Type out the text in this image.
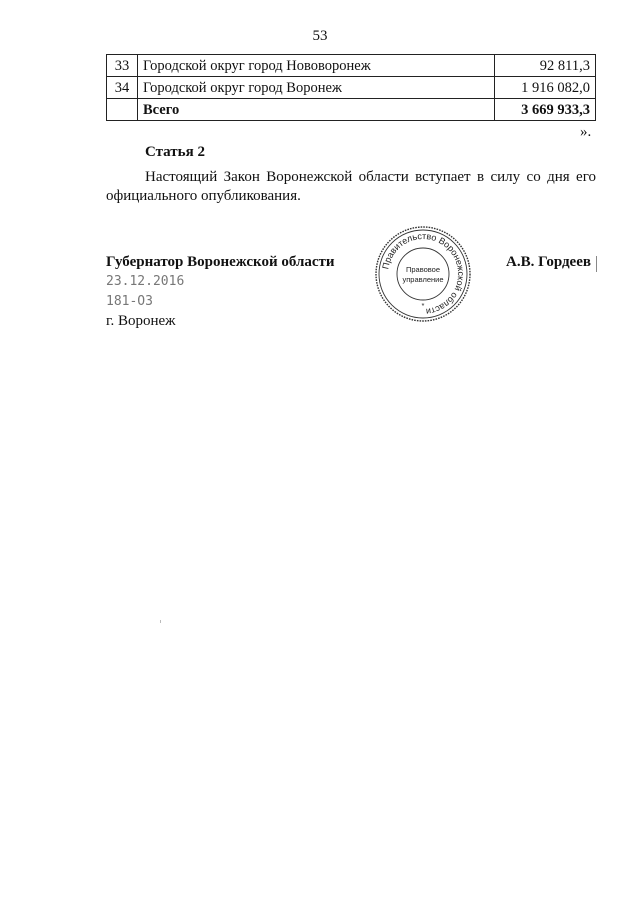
53
33	Городской округ город Нововоронеж	92 811,3
34	Городской округ город Воронеж	1 916 082,0
	Всего	3 669 933,3
».
Статья 2
Настоящий Закон Воронежской области вступает в силу со дня его официального опубликования.
Губернатор Воронежской области	Правительство Воронежской области
Правовое
управление
*
А.В. Гордеев
23.12.2016
181-ОЗ
г. Воронеж
